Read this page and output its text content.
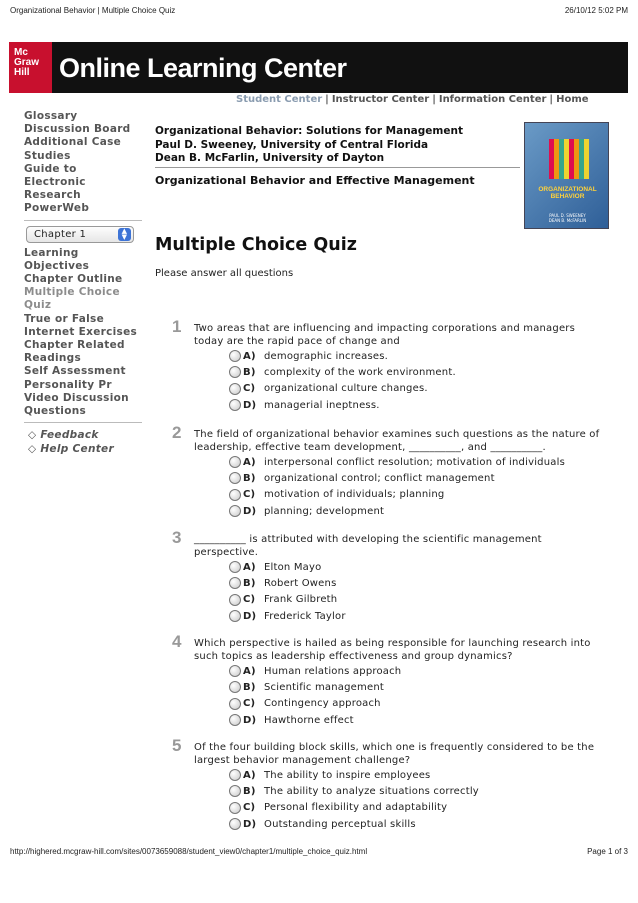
Organizational Behavior | Multiple Choice Quiz	26/10/12 5:02 PM
Mc
Graw
Hill	Online Learning Center
Student Center | Instructor Center | Information Center | Home
Glossary
Discussion Board
Additional Case Studies
Guide to Electronic Research
PowerWeb
Chapter 1	▲
▼
Learning Objectives
Chapter Outline
Multiple Choice Quiz
True or False
Internet Exercises
Chapter Related Readings
Self Assessment
Personality Pr
Video Discussion Questions
◇ Feedback
◇ Help Center
Organizational Behavior: Solutions for Management
Paul D. Sweeney, University of Central Florida
Dean B. McFarlin, University of Dayton
Organizational Behavior and Effective Management
ORGANIZATIONAL
BEHAVIOR
PAUL D. SWEENEY
DEAN B. McFARLIN
Multiple Choice Quiz
Please answer all questions
1 Two areas that are influencing and impacting corporations and managers today are the rapid pace of change and
A) demographic increases.
B) complexity of the work environment.
C) organizational culture changes.
D) managerial ineptness.
2 The field of organizational behavior examines such questions as the nature of leadership, effective team development, __________, and __________.
A) interpersonal conflict resolution; motivation of individuals
B) organizational control; conflict management
C) motivation of individuals; planning
D) planning; development
3 __________ is attributed with developing the scientific management perspective.
A) Elton Mayo
B) Robert Owens
C) Frank Gilbreth
D) Frederick Taylor
4 Which perspective is hailed as being responsible for launching research into such topics as leadership effectiveness and group dynamics?
A) Human relations approach
B) Scientific management
C) Contingency approach
D) Hawthorne effect
5 Of the four building block skills, which one is frequently considered to be the largest behavior management challenge?
A) The ability to inspire employees
B) The ability to analyze situations correctly
C) Personal flexibility and adaptability
D) Outstanding perceptual skills
http://highered.mcgraw-hill.com/sites/0073659088/student_view0/chapter1/multiple_choice_quiz.html	Page 1 of 3
